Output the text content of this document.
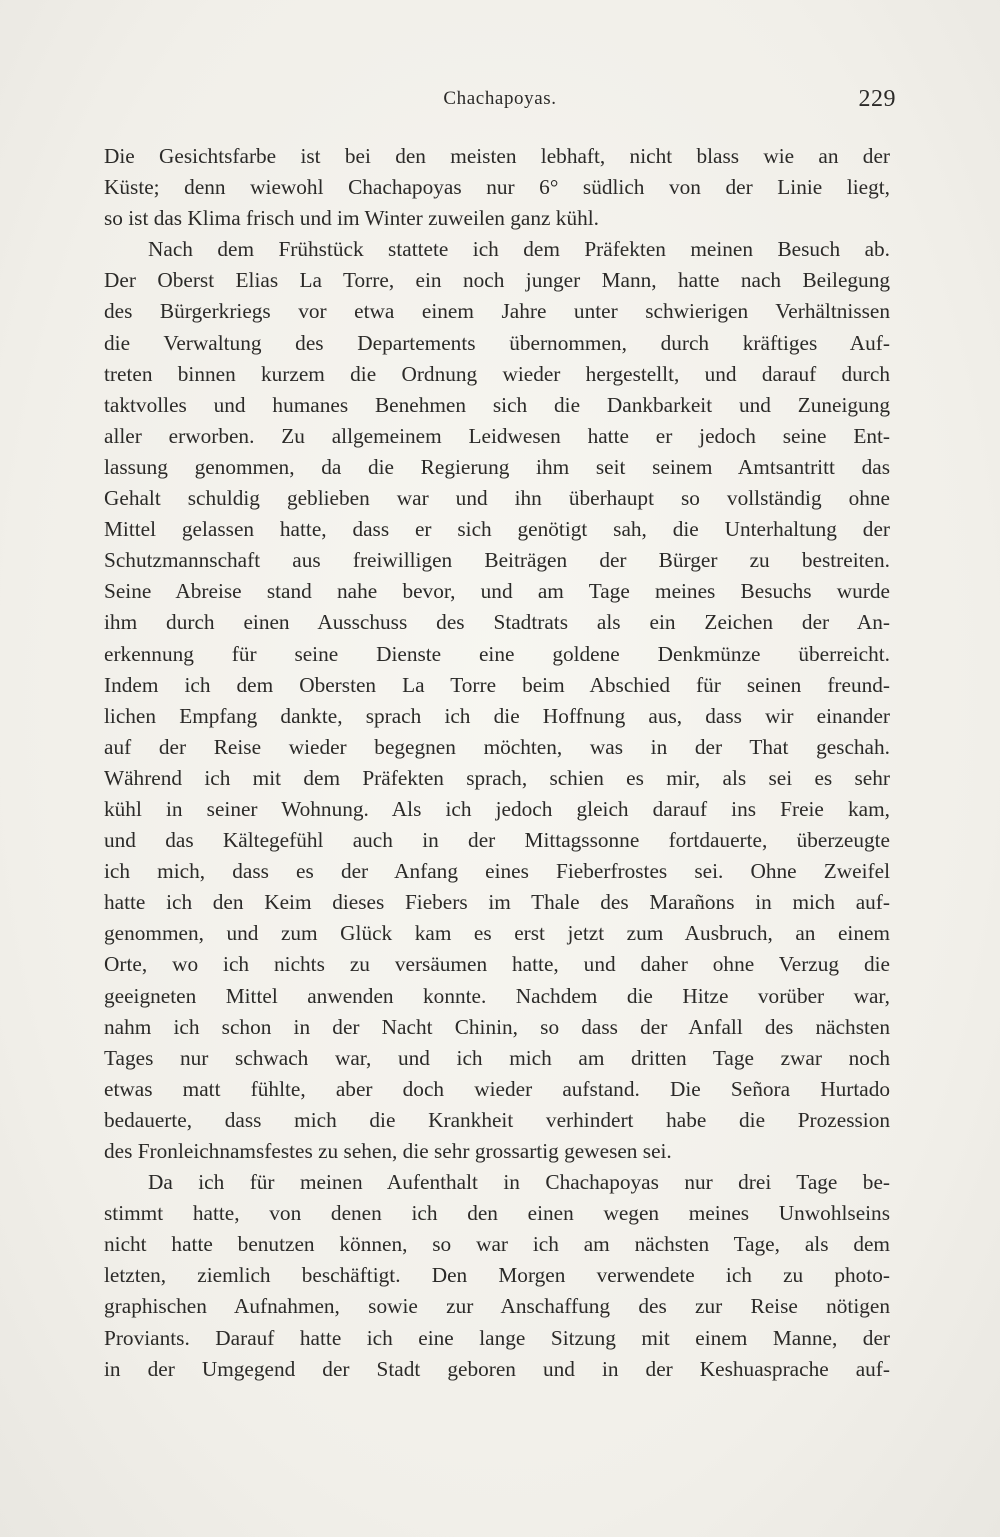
Chachapoyas.	229
Die Gesichtsfarbe ist bei den meisten lebhaft, nicht blass wie an der
Küste; denn wiewohl Chachapoyas nur 6° südlich von der Linie liegt,
so ist das Klima frisch und im Winter zuweilen ganz kühl.
Nach dem Frühstück stattete ich dem Präfekten meinen Besuch ab.
Der Oberst Elias La Torre, ein noch junger Mann, hatte nach Beilegung
des Bürgerkriegs vor etwa einem Jahre unter schwierigen Verhältnissen
die Verwaltung des Departements übernommen, durch kräftiges Auf-
treten binnen kurzem die Ordnung wieder hergestellt, und darauf durch
taktvolles und humanes Benehmen sich die Dankbarkeit und Zuneigung
aller erworben. Zu allgemeinem Leidwesen hatte er jedoch seine Ent-
lassung genommen, da die Regierung ihm seit seinem Amtsantritt das
Gehalt schuldig geblieben war und ihn überhaupt so vollständig ohne
Mittel gelassen hatte, dass er sich genötigt sah, die Unterhaltung der
Schutzmannschaft aus freiwilligen Beiträgen der Bürger zu bestreiten.
Seine Abreise stand nahe bevor, und am Tage meines Besuchs wurde
ihm durch einen Ausschuss des Stadtrats als ein Zeichen der An-
erkennung für seine Dienste eine goldene Denkmünze überreicht.
Indem ich dem Obersten La Torre beim Abschied für seinen freund-
lichen Empfang dankte, sprach ich die Hoffnung aus, dass wir einander
auf der Reise wieder begegnen möchten, was in der That geschah.
Während ich mit dem Präfekten sprach, schien es mir, als sei es sehr
kühl in seiner Wohnung. Als ich jedoch gleich darauf ins Freie kam,
und das Kältegefühl auch in der Mittagssonne fortdauerte, überzeugte
ich mich, dass es der Anfang eines Fieberfrostes sei. Ohne Zweifel
hatte ich den Keim dieses Fiebers im Thale des Marañons in mich auf-
genommen, und zum Glück kam es erst jetzt zum Ausbruch, an einem
Orte, wo ich nichts zu versäumen hatte, und daher ohne Verzug die
geeigneten Mittel anwenden konnte. Nachdem die Hitze vorüber war,
nahm ich schon in der Nacht Chinin, so dass der Anfall des nächsten
Tages nur schwach war, und ich mich am dritten Tage zwar noch
etwas matt fühlte, aber doch wieder aufstand. Die Señora Hurtado
bedauerte, dass mich die Krankheit verhindert habe die Prozession
des Fronleichnamsfestes zu sehen, die sehr grossartig gewesen sei.
Da ich für meinen Aufenthalt in Chachapoyas nur drei Tage be-
stimmt hatte, von denen ich den einen wegen meines Unwohlseins
nicht hatte benutzen können, so war ich am nächsten Tage, als dem
letzten, ziemlich beschäftigt. Den Morgen verwendete ich zu photo-
graphischen Aufnahmen, sowie zur Anschaffung des zur Reise nötigen
Proviants. Darauf hatte ich eine lange Sitzung mit einem Manne, der
in der Umgegend der Stadt geboren und in der Keshuasprache auf-
